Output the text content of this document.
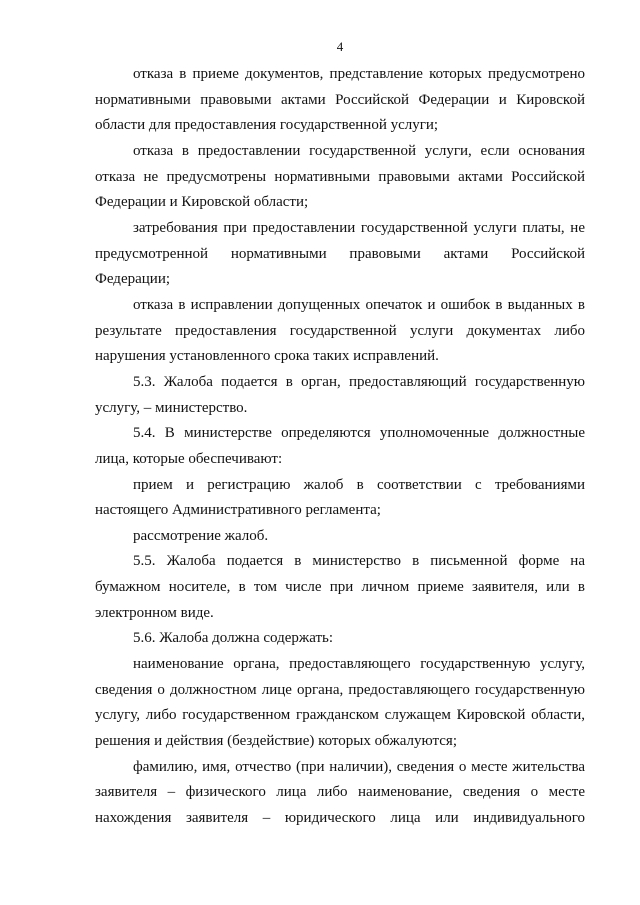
4
отказа в приеме документов, представление которых предусмотрено
нормативными правовыми актами Российской Федерации и Кировской
области для предоставления государственной услуги;
отказа в предоставлении государственной услуги, если основания
отказа не предусмотрены нормативными правовыми актами Российской
Федерации и Кировской области;
затребования при предоставлении государственной услуги платы, не
предусмотренной нормативными правовыми актами Российской
Федерации;
отказа в исправлении допущенных опечаток и ошибок в выданных в
результате предоставления государственной услуги документах либо
нарушения установленного срока таких исправлений.
5.3. Жалоба подается в орган, предоставляющий государственную
услугу, – министерство.
5.4. В министерстве определяются уполномоченные должностные
лица, которые обеспечивают:
прием и регистрацию жалоб в соответствии с требованиями
настоящего Административного регламента;
рассмотрение жалоб.
5.5. Жалоба подается в министерство в письменной форме на
бумажном носителе, в том числе при личном приеме заявителя, или в
электронном виде.
5.6. Жалоба должна содержать:
наименование органа, предоставляющего государственную услугу,
сведения о должностном лице органа, предоставляющего государственную
услугу, либо государственном гражданском служащем Кировской области,
решения и действия (бездействие) которых обжалуются;
фамилию, имя, отчество (при наличии), сведения о месте жительства
заявителя – физического лица либо наименование, сведения о месте
нахождения заявителя – юридического лица или индивидуального
